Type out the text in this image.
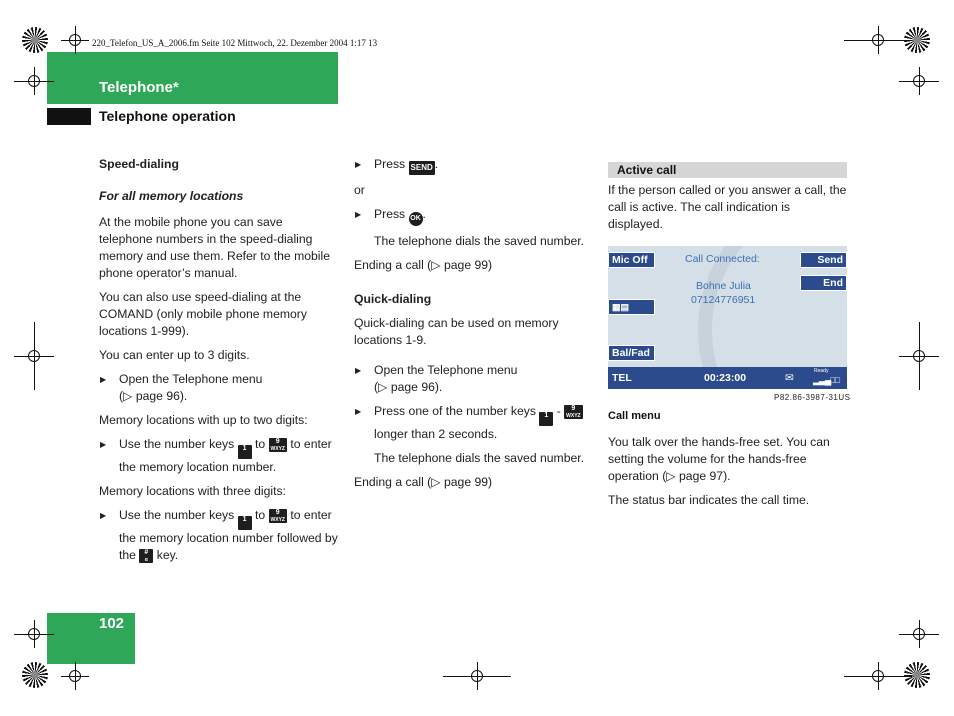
220_Telefon_US_A_2006.fm Seite 102 Mittwoch, 22. Dezember 2004 1:17 13
Telephone*
Telephone operation
102
Speed-dialing

For all memory locations

At the mobile phone you can save telephone numbers in the speed-dialing memory and use them. Refer to the mobile phone operator’s manual.

You can also use speed-dialing at the COMAND (only mobile phone memory locations 1-999).

You can enter up to 3 digits.

▶ Open the Telephone menu
(▷ page 96).

Memory locations with up to two digits:

▶ Use the number keys 1 to 9
WXYZ to enter the memory location number.

Memory locations with three digits:

▶ Use the number keys 1 to 9
WXYZ to enter the memory location number followed by the #
α key.
▶ Press SEND .

or

▶ Press OK .

The telephone dials the saved number.

Ending a call (▷ page 99)

Quick-dialing

Quick-dialing can be used on memory locations 1-9.

▶ Open the Telephone menu
(▷ page 96).
▶ Press one of the number keys 1 - 9
WXYZ longer than 2 seconds.

The telephone dials the saved number.

Ending a call (▷ page 99)

Active call

If the person called or you answer a call, the call is active. The call indication is displayed.

Mic Off	Call Connected:	Send
End
Bohne Julia
07124776951
▦▤
Bal/Fad
TEL	00:23:00	✉
Ready
▂▃▄□□
P82.86-3987-31US
Call menu

You talk over the hands-free set. You can setting the volume for the hands-free operation (▷ page 97).

The status bar indicates the call time.
